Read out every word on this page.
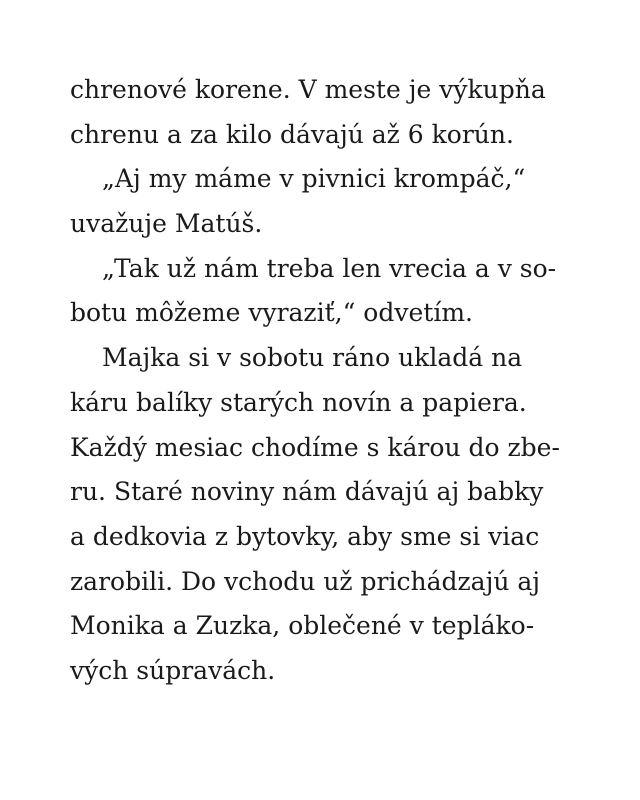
chrenové korene. V meste je výkupňa
chrenu a za kilo dávajú až 6 korún.
„Aj my máme v pivnici krompáč,“
uvažuje Matúš.
„Tak už nám treba len vrecia a v so-
botu môžeme vyraziť,“ odvetím.
Majka si v sobotu ráno ukladá na
káru balíky starých novín a papiera.
Každý mesiac chodíme s károu do zbe-
ru. Staré noviny nám dávajú aj babky
a dedkovia z bytovky, aby sme si viac
zarobili. Do vchodu už prichádzajú aj
Monika a Zuzka, oblečené v tepláko-
vých súpravách.
